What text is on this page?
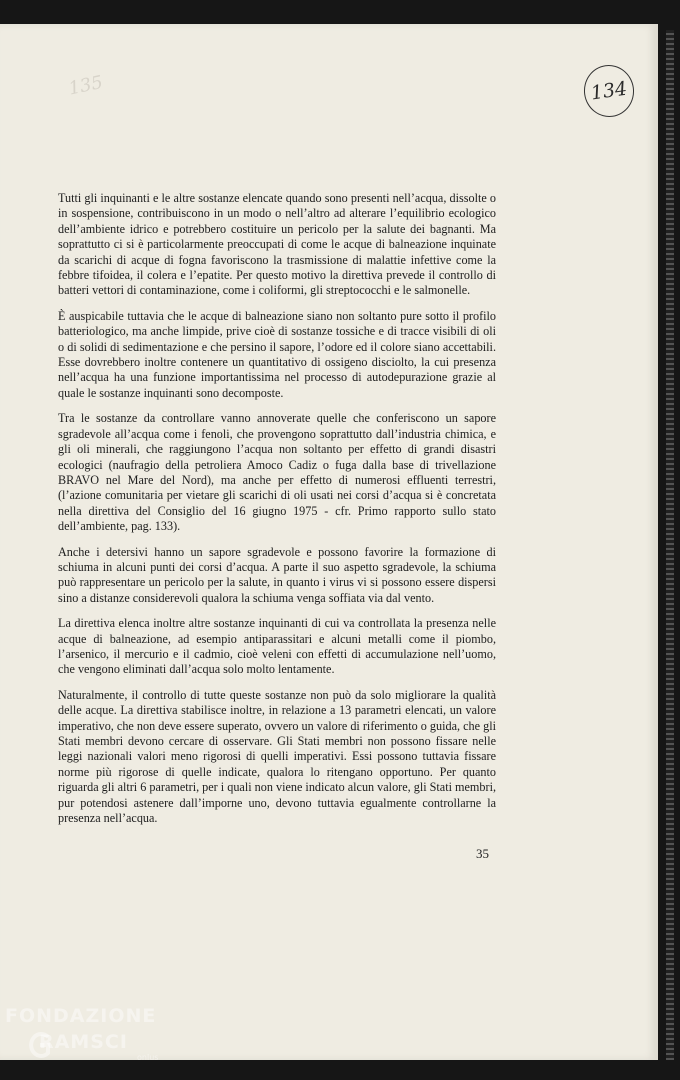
135	134

Tutti gli inquinanti e le altre sostanze elencate quando sono presenti nell’acqua, dissolte o in sospensione, contribuiscono in un modo o nell’altro ad alterare l’equilibrio ecologico dell’ambiente idrico e potrebbero costituire un pericolo per la salute dei bagnanti. Ma soprattutto ci si è particolarmente preoccupati di come le acque di balneazione inquinate da scarichi di acque di fogna favoriscono la trasmissione di malattie infettive come la febbre tifoidea, il colera e l’epatite. Per questo motivo la direttiva prevede il controllo di batteri vettori di contaminazione, come i coliformi, gli streptococchi e le salmonelle.

È auspicabile tuttavia che le acque di balneazione siano non soltanto pure sotto il profilo batteriologico, ma anche limpide, prive cioè di sostanze tossiche e di tracce visibili di oli o di solidi di sedimentazione e che persino il sapore, l’odore ed il colore siano accettabili. Esse dovrebbero inoltre contenere un quantitativo di ossigeno disciolto, la cui presenza nell’acqua ha una funzione importantissima nel processo di autodepurazione grazie al quale le sostanze inquinanti sono decomposte.

Tra le sostanze da controllare vanno annoverate quelle che conferiscono un sapore sgradevole all’acqua come i fenoli, che provengono soprattutto dall’industria chimica, e gli oli minerali, che raggiungono l’acqua non soltanto per effetto di grandi disastri ecologici (naufragio della petroliera Amoco Cadiz o fuga dalla base di trivellazione BRAVO nel Mare del Nord), ma anche per effetto di numerosi effluenti terrestri, (l’azione comunitaria per vietare gli scarichi di oli usati nei corsi d’acqua si è concretata nella direttiva del Consiglio del 16 giugno 1975 - cfr. Primo rapporto sullo stato dell’ambiente, pag. 133).

Anche i detersivi hanno un sapore sgradevole e possono favorire la formazione di schiuma in alcuni punti dei corsi d’acqua. A parte il suo aspetto sgradevole, la schiuma può rappresentare un pericolo per la salute, in quanto i virus vi si possono essere dispersi sino a distanze considerevoli qualora la schiuma venga soffiata via dal vento.

La direttiva elenca inoltre altre sostanze inquinanti di cui va controllata la presenza nelle acque di balneazione, ad esempio antiparassitari e alcuni metalli come il piombo, l’arsenico, il mercurio e il cadmio, cioè veleni con effetti di accumulazione nell’uomo, che vengono eliminati dall’acqua solo molto lentamente.

Naturalmente, il controllo di tutte queste sostanze non può da solo migliorare la qualità delle acque. La direttiva stabilisce inoltre, in relazione a 13 parametri elencati, un valore imperativo, che non deve essere superato, ovvero un valore di riferimento o guida, che gli Stati membri devono cercare di osservare. Gli Stati membri non possono fissare nelle leggi nazionali valori meno rigorosi di quelli imperativi. Essi possono tuttavia fissare norme più rigorose di quelle indicate, qualora lo ritengano opportuno. Per quanto riguarda gli altri 6 parametri, per i quali non viene indicato alcun valore, gli Stati membri, pur potendosi astenere dall’imporne uno, devono tuttavia egualmente controllarne la presenza nell’acqua.

35
FONDAZIONE
RAMSCI
onlus
